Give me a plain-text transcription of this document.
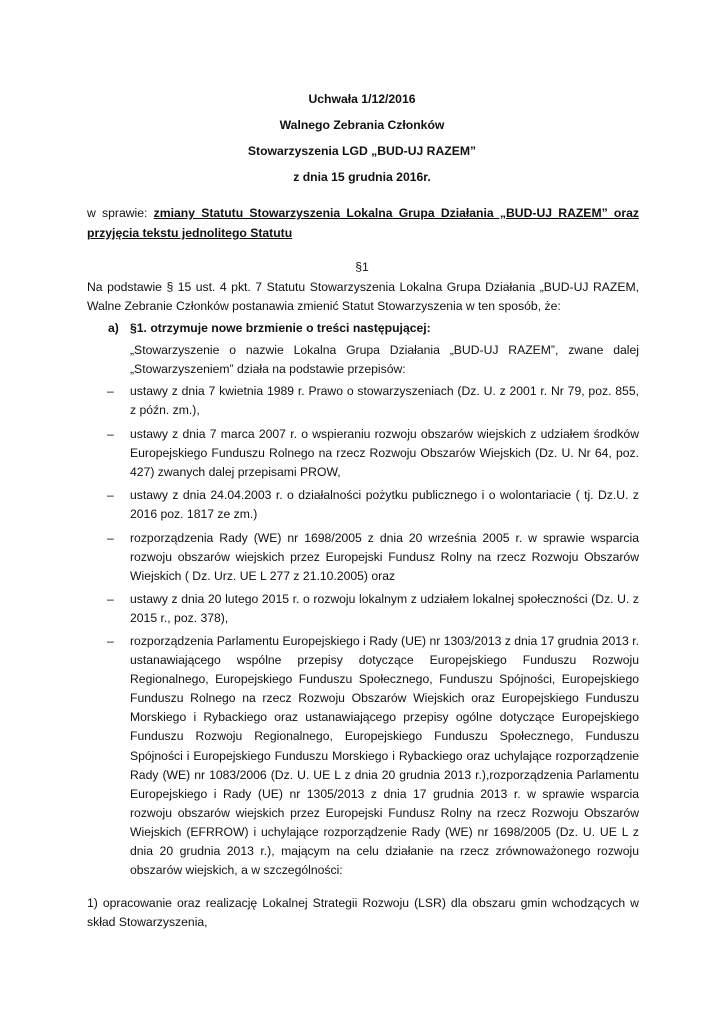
Uchwała 1/12/2016
Walnego Zebrania Członków
Stowarzyszenia LGD „BUD-UJ RAZEM”
z dnia 15 grudnia 2016r.
w sprawie: zmiany Statutu Stowarzyszenia Lokalna Grupa Działania „BUD-UJ RAZEM” oraz przyjęcia tekstu jednolitego Statutu
§1
Na podstawie § 15 ust. 4 pkt. 7 Statutu Stowarzyszenia Lokalna Grupa Działania „BUD-UJ RAZEM, Walne Zebranie Członków postanawia zmienić Statut Stowarzyszenia w ten sposób, że:
a) §1. otrzymuje nowe brzmienie o treści następującej:
„Stowarzyszenie o nazwie Lokalna Grupa Działania „BUD-UJ RAZEM”, zwane dalej „Stowarzyszeniem” działa na podstawie przepisów:
– ustawy z dnia 7 kwietnia 1989 r. Prawo o stowarzyszeniach (Dz. U. z 2001 r. Nr 79, poz. 855, z późn. zm.),
– ustawy z dnia 7 marca 2007 r. o wspieraniu rozwoju obszarów wiejskich z udziałem środków Europejskiego Funduszu Rolnego na rzecz Rozwoju Obszarów Wiejskich (Dz. U. Nr 64, poz. 427) zwanych dalej przepisami PROW,
– ustawy z dnia 24.04.2003 r. o działalności pożytku publicznego i o wolontariacie ( tj. Dz.U. z 2016 poz. 1817 ze zm.)
– rozporządzenia Rady (WE) nr 1698/2005 z dnia 20 września 2005 r. w sprawie wsparcia rozwoju obszarów wiejskich przez Europejski Fundusz Rolny na rzecz Rozwoju Obszarów Wiejskich ( Dz. Urz. UE L 277 z 21.10.2005) oraz
– ustawy z dnia 20 lutego 2015 r. o rozwoju lokalnym z udziałem lokalnej społeczności (Dz. U. z 2015 r., poz. 378),
– rozporządzenia Parlamentu Europejskiego i Rady (UE) nr 1303/2013 z dnia 17 grudnia 2013 r. ustanawiającego wspólne przepisy dotyczące Europejskiego Funduszu Rozwoju Regionalnego, Europejskiego Funduszu Społecznego, Funduszu Spójności, Europejskiego Funduszu Rolnego na rzecz Rozwoju Obszarów Wiejskich oraz Europejskiego Funduszu Morskiego i Rybackiego oraz ustanawiającego przepisy ogólne dotyczące Europejskiego Funduszu Rozwoju Regionalnego, Europejskiego Funduszu Społecznego, Funduszu Spójności i Europejskiego Funduszu Morskiego i Rybackiego oraz uchylające rozporządzenie Rady (WE) nr 1083/2006 (Dz. U. UE L z dnia 20 grudnia 2013 r.),rozporządzenia Parlamentu Europejskiego i Rady (UE) nr 1305/2013 z dnia 17 grudnia 2013 r. w sprawie wsparcia rozwoju obszarów wiejskich przez Europejski Fundusz Rolny na rzecz Rozwoju Obszarów Wiejskich (EFRROW) i uchylające rozporządzenie Rady (WE) nr 1698/2005 (Dz. U. UE L z dnia 20 grudnia 2013 r.), mającym na celu działanie na rzecz zrównoważonego rozwoju obszarów wiejskich, a w szczególności:
1) opracowanie oraz realizację Lokalnej Strategii Rozwoju (LSR) dla obszaru gmin wchodzących w skład Stowarzyszenia,
